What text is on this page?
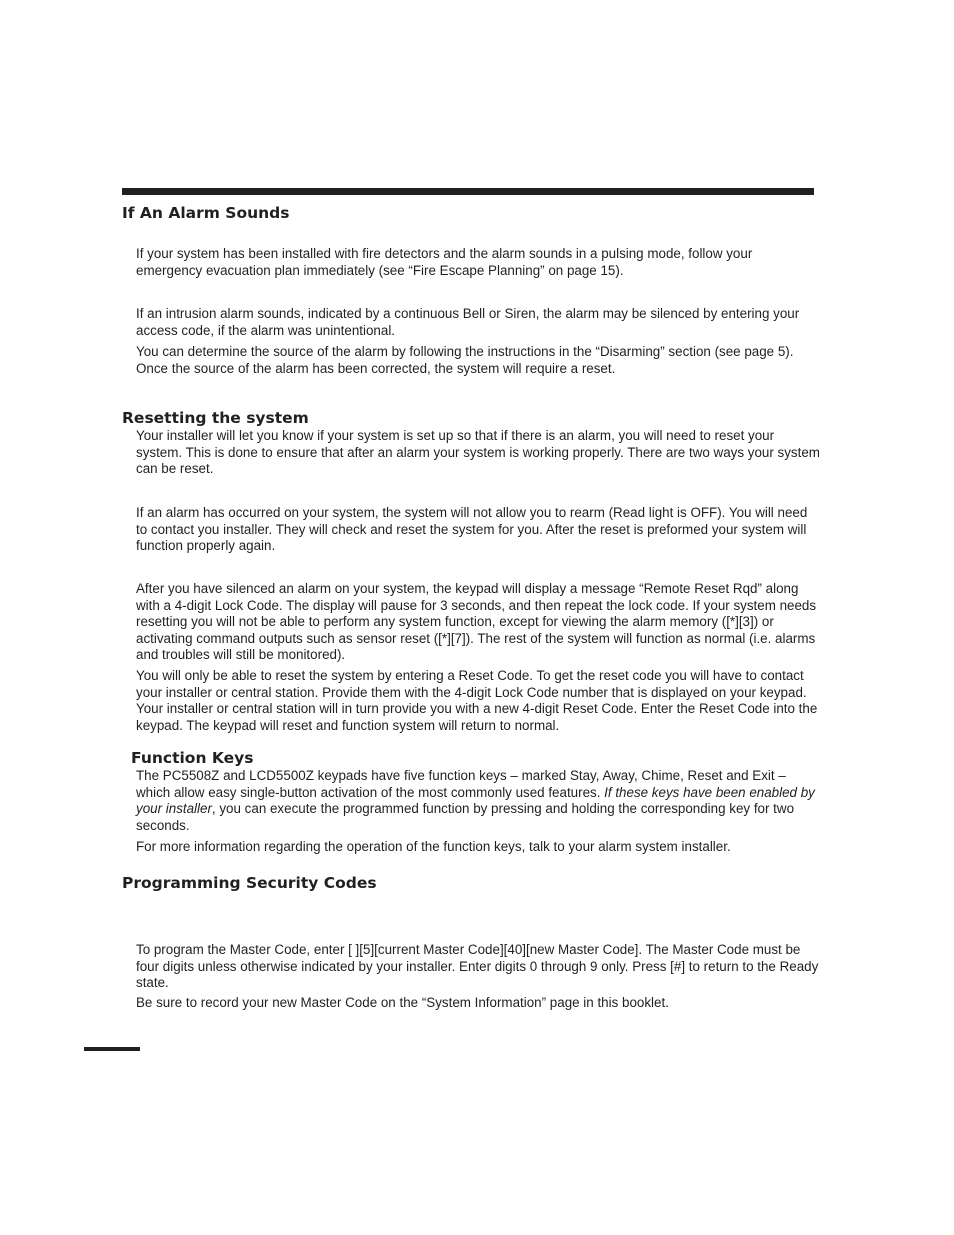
If An Alarm Sounds

If your system has been installed with fire detectors and the alarm sounds in a pulsing mode, follow your emergency evacuation plan immediately (see “Fire Escape Planning” on page 15).

If an intrusion alarm sounds, indicated by a continuous Bell or Siren, the alarm may be silenced by entering your access code, if the alarm was unintentional.

You can determine the source of the alarm by following the instructions in the “Disarming” section (see page 5). Once the source of the alarm has been corrected, the system will require a reset.

Resetting the system

Your installer will let you know if your system is set up so that if there is an alarm, you will need to reset your system. This is done to ensure that after an alarm your system is working properly. There are two ways your system can be reset.

If an alarm has occurred on your system, the system will not allow you to rearm (Read light is OFF). You will need to contact you installer. They will check and reset the system for you. After the reset is preformed your system will function properly again.

After you have silenced an alarm on your system, the keypad will display a message “Remote Reset Rqd” along with a 4-digit Lock Code. The display will pause for 3 seconds, and then repeat the lock code. If your system needs resetting you will not be able to perform any system function, except for viewing the alarm memory ([*][3]) or activating command outputs such as sensor reset ([*][7]). The rest of the system will function as normal (i.e. alarms and troubles will still be monitored).

You will only be able to reset the system by entering a Reset Code. To get the reset code you will have to contact your installer or central station. Provide them with the 4-digit Lock Code number that is displayed on your keypad. Your installer or central station will in turn provide you with a new 4-digit Reset Code. Enter the Reset Code into the keypad. The keypad will reset and function system will return to normal.

Function Keys

The PC5508Z and LCD5500Z keypads have five function keys – marked Stay, Away, Chime, Reset and Exit – which allow easy single-button activation of the most commonly used features. If these keys have been enabled by your installer, you can execute the programmed function by pressing and holding the corresponding key for two seconds.

For more information regarding the operation of the function keys, talk to your alarm system installer.

Programming Security Codes

To program the Master Code, enter [ ][5][current Master Code][40][new Master Code]. The Master Code must be four digits unless otherwise indicated by your installer. Enter digits 0 through 9 only. Press [#] to return to the Ready state.

Be sure to record your new Master Code on the “System Information” page in this booklet.
